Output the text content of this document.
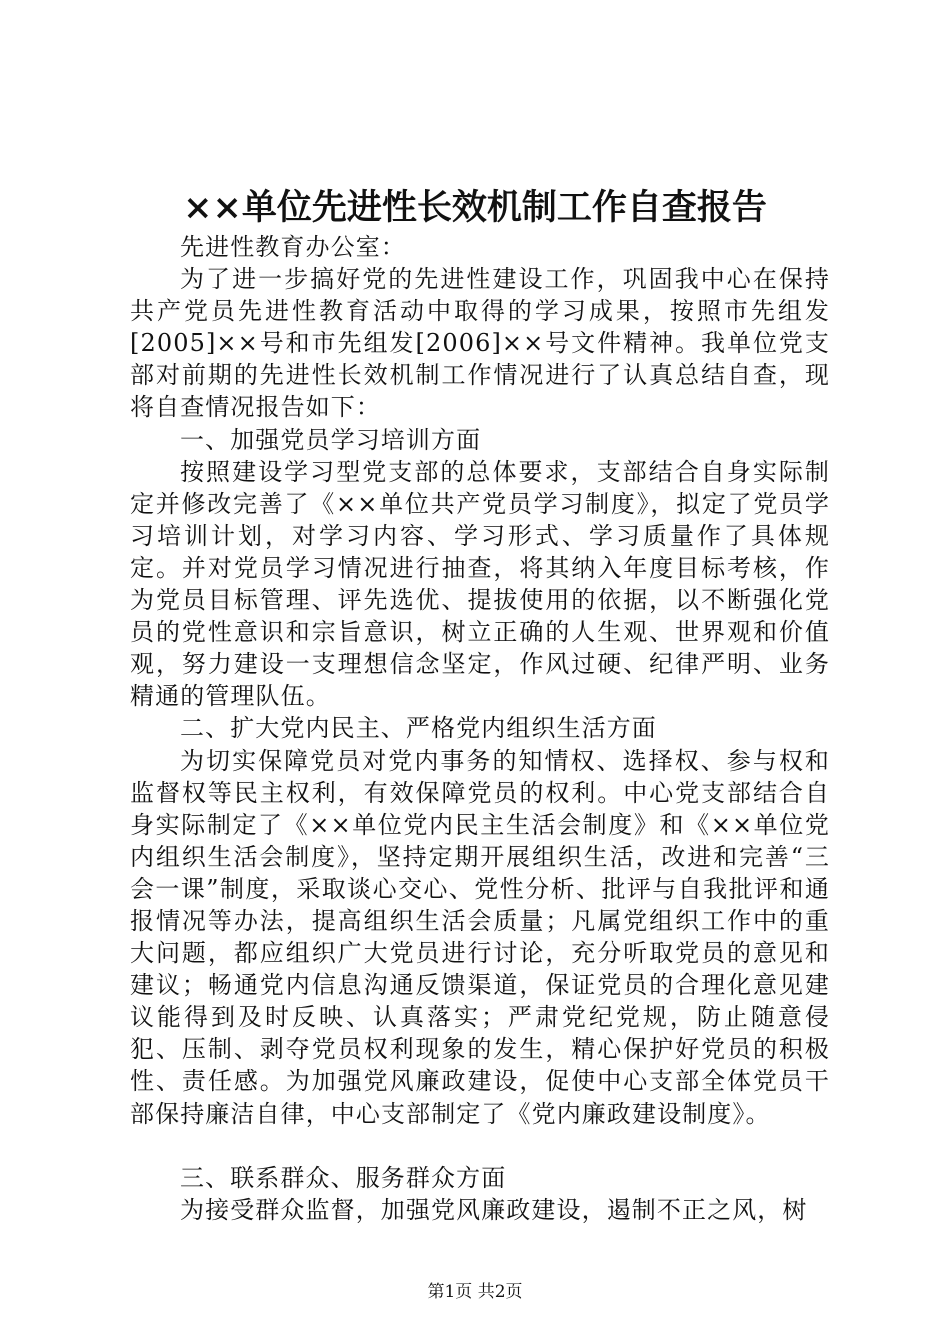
××单位先进性长效机制工作自查报告

先进性教育办公室：

为了进一步搞好党的先进性建设工作，巩固我中心在保持共产党员先进性教育活动中取得的学习成果，按照市先组发[2005]××号和市先组发[2006]××号文件精神。我单位党支部对前期的先进性长效机制工作情况进行了认真总结自查，现将自查情况报告如下：

一、加强党员学习培训方面

按照建设学习型党支部的总体要求，支部结合自身实际制定并修改完善了《××单位共产党员学习制度》，拟定了党员学习培训计划，对学习内容、学习形式、学习质量作了具体规定。并对党员学习情况进行抽查，将其纳入年度目标考核，作为党员目标管理、评先选优、提拔使用的依据，以不断强化党员的党性意识和宗旨意识，树立正确的人生观、世界观和价值观，努力建设一支理想信念坚定，作风过硬、纪律严明、业务精通的管理队伍。

二、扩大党内民主、严格党内组织生活方面

为切实保障党员对党内事务的知情权、选择权、参与权和监督权等民主权利，有效保障党员的权利。中心党支部结合自身实际制定了《××单位党内民主生活会制度》和《××单位党内组织生活会制度》，坚持定期开展组织生活，改进和完善“三会一课”制度，采取谈心交心、党性分析、批评与自我批评和通报情况等办法，提高组织生活会质量；凡属党组织工作中的重大问题，都应组织广大党员进行讨论，充分听取党员的意见和建议；畅通党内信息沟通反馈渠道，保证党员的合理化意见建议能得到及时反映、认真落实；严肃党纪党规，防止随意侵犯、压制、剥夺党员权利现象的发生，精心保护好党员的积极性、责任感。为加强党风廉政建设，促使中心支部全体党员干部保持廉洁自律，中心支部制定了《党内廉政建设制度》。

三、联系群众、服务群众方面

为接受群众监督，加强党风廉政建设，遏制不正之风，树

第1页 共2页
